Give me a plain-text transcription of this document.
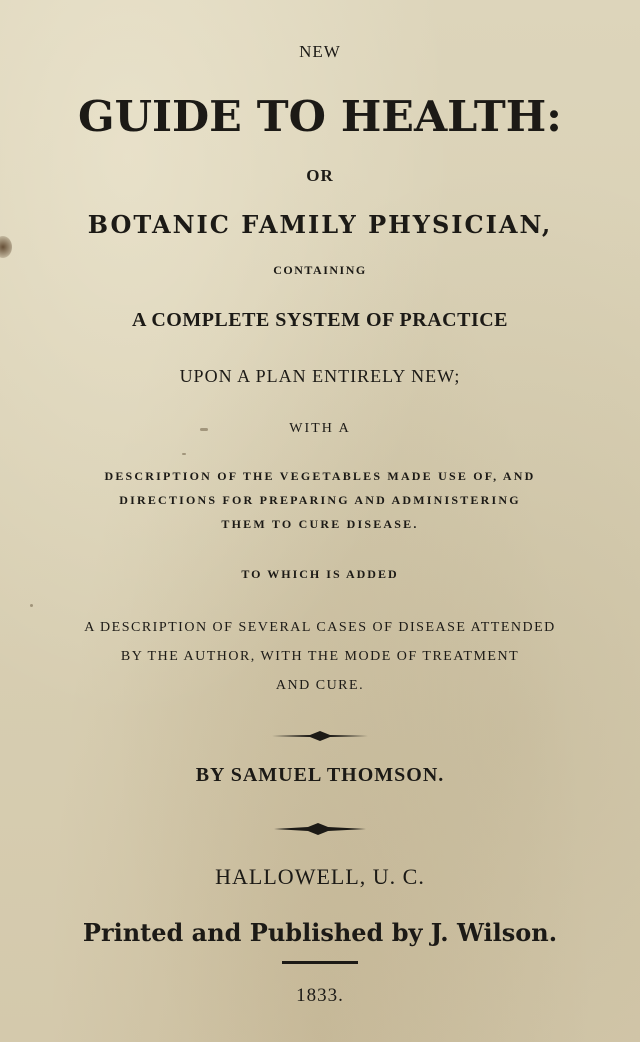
NEW

GUIDE TO HEALTH:

OR

BOTANIC FAMILY PHYSICIAN,

CONTAINING

A COMPLETE SYSTEM OF PRACTICE

UPON A PLAN ENTIRELY NEW;

WITH A

DESCRIPTION OF THE VEGETABLES MADE USE OF, AND

DIRECTIONS FOR PREPARING AND ADMINISTERING

THEM TO CURE DISEASE.

TO WHICH IS ADDED

A DESCRIPTION OF SEVERAL CASES OF DISEASE ATTENDED

BY THE AUTHOR, WITH THE MODE OF TREATMENT

AND CURE.

BY SAMUEL THOMSON.

HALLOWELL, U. C.

Printed and Published by J. Wilson.

1833.
